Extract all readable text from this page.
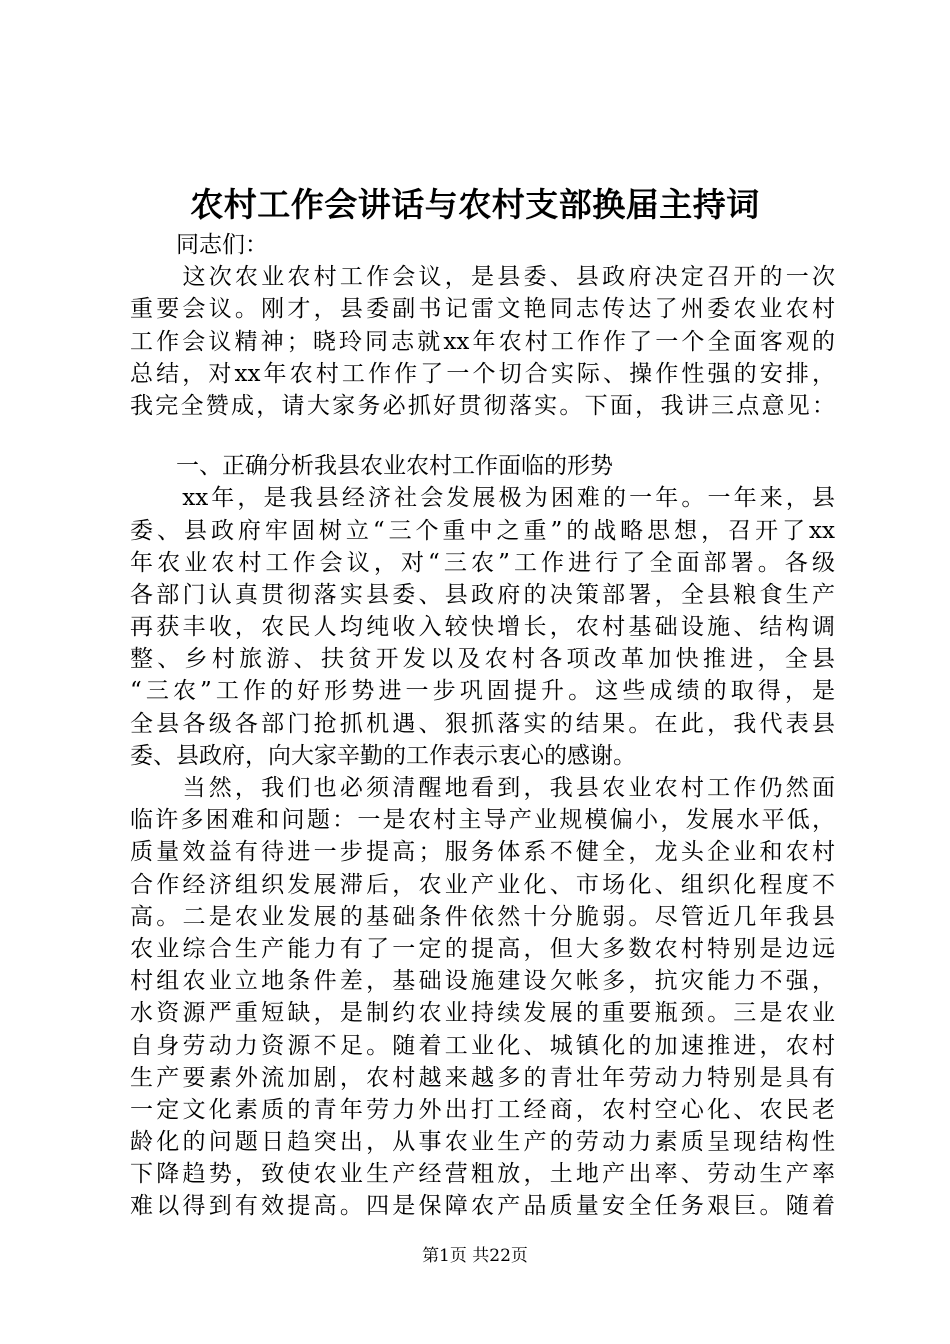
农村工作会讲话与农村支部换届主持词
　　同志们：
　　这次农业农村工作会议，是县委、县政府决定召开的一次
重要会议。刚才，县委副书记雷文艳同志传达了州委农业农村
工作会议精神；晓玲同志就xx年农村工作作了一个全面客观的
总结，对xx年农村工作作了一个切合实际、操作性强的安排，
我完全赞成，请大家务必抓好贯彻落实。下面，我讲三点意见：
　　一、正确分析我县农业农村工作面临的形势
　　xx年，是我县经济社会发展极为困难的一年。一年来，县
委、县政府牢固树立“三个重中之重”的战略思想，召开了xx
年农业农村工作会议，对“三农”工作进行了全面部署。各级
各部门认真贯彻落实县委、县政府的决策部署，全县粮食生产
再获丰收，农民人均纯收入较快增长，农村基础设施、结构调
整、乡村旅游、扶贫开发以及农村各项改革加快推进，全县
“三农”工作的好形势进一步巩固提升。这些成绩的取得，是
全县各级各部门抢抓机遇、狠抓落实的结果。在此，我代表县
委、县政府，向大家辛勤的工作表示衷心的感谢。
　　当然，我们也必须清醒地看到，我县农业农村工作仍然面
临许多困难和问题：一是农村主导产业规模偏小，发展水平低，
质量效益有待进一步提高；服务体系不健全，龙头企业和农村
合作经济组织发展滞后，农业产业化、市场化、组织化程度不
高。二是农业发展的基础条件依然十分脆弱。尽管近几年我县
农业综合生产能力有了一定的提高，但大多数农村特别是边远
村组农业立地条件差，基础设施建设欠帐多，抗灾能力不强，
水资源严重短缺，是制约农业持续发展的重要瓶颈。三是农业
自身劳动力资源不足。随着工业化、城镇化的加速推进，农村
生产要素外流加剧，农村越来越多的青壮年劳动力特别是具有
一定文化素质的青年劳力外出打工经商，农村空心化、农民老
龄化的问题日趋突出，从事农业生产的劳动力素质呈现结构性
下降趋势，致使农业生产经营粗放，土地产出率、劳动生产率
难以得到有效提高。四是保障农产品质量安全任务艰巨。随着
第1页 共22页
